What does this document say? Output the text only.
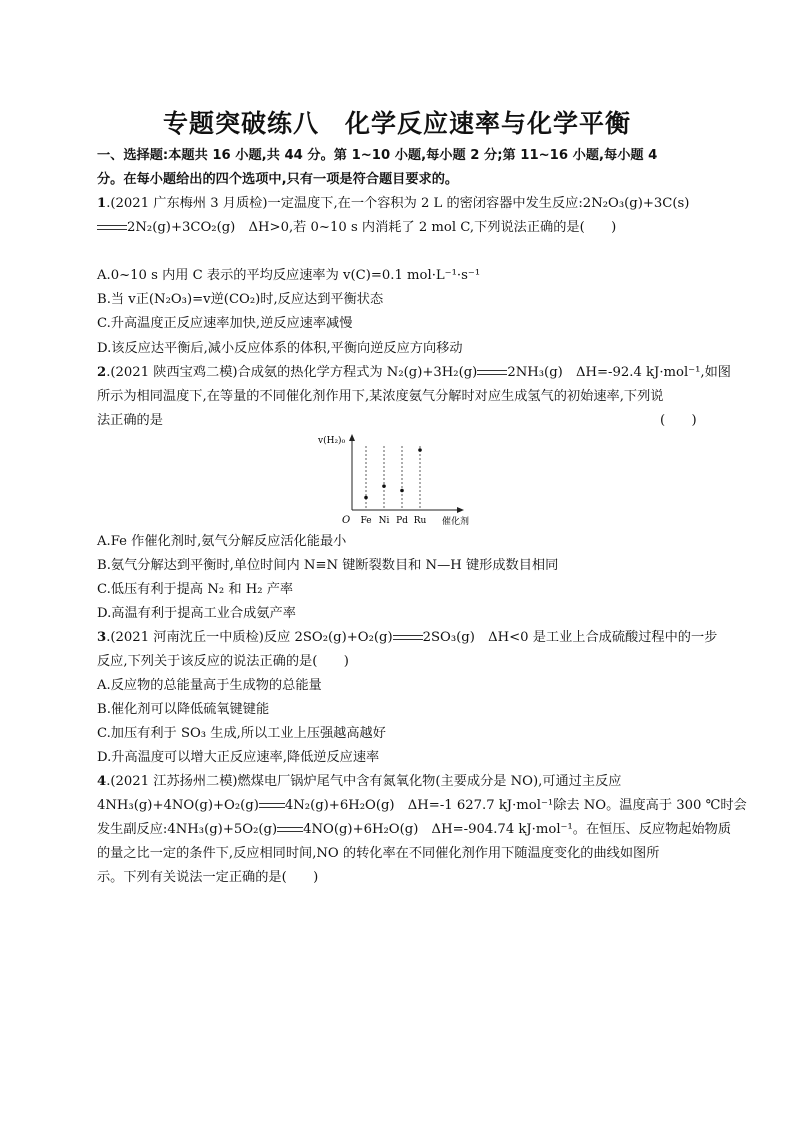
专题突破练八　化学反应速率与化学平衡
一、选择题:本题共 16 小题,共 44 分。第 1~10 小题,每小题 2 分;第 11~16 小题,每小题 4
分。在每小题给出的四个选项中,只有一项是符合题目要求的。
1.(2021 广东梅州 3 月质检)一定温度下,在一个容积为 2 L 的密闭容器中发生反应:2N₂O₃(g)+3C(s)
2N₂(g)+3CO₂(g)　ΔH>0,若 0~10 s 内消耗了 2 mol C,下列说法正确的是(　　)
A.0~10 s 内用 C 表示的平均反应速率为 v(C)=0.1 mol·L⁻¹·s⁻¹
B.当 v正(N₂O₃)=v逆(CO₂)时,反应达到平衡状态
C.升高温度正反应速率加快,逆反应速率减慢
D.该反应达平衡后,减小反应体系的体积,平衡向逆反应方向移动
2.(2021 陕西宝鸡二模)合成氨的热化学方程式为 N₂(g)+3H₂(g) 2NH₃(g)　ΔH=-92.4 kJ·mol⁻¹,如图
所示为相同温度下,在等量的不同催化剂作用下,某浓度氨气分解时对应生成氢气的初始速率,下列说
法正确的是	(　　)
v(H₂)₀
O	催化剂
Fe Ni Pd Ru
A.Fe 作催化剂时,氨气分解反应活化能最小
B.氨气分解达到平衡时,单位时间内 N≡N 键断裂数目和 N—H 键形成数目相同
C.低压有利于提高 N₂ 和 H₂ 产率
D.高温有利于提高工业合成氨产率
3.(2021 河南沈丘一中质检)反应 2SO₂(g)+O₂(g) 2SO₃(g)　ΔH<0 是工业上合成硫酸过程中的一步
反应,下列关于该反应的说法正确的是(　　)
A.反应物的总能量高于生成物的总能量
B.催化剂可以降低硫氧键键能
C.加压有利于 SO₃ 生成,所以工业上压强越高越好
D.升高温度可以增大正反应速率,降低逆反应速率
4.(2021 江苏扬州二模)燃煤电厂锅炉尾气中含有氮氧化物(主要成分是 NO),可通过主反应
4NH₃(g)+4NO(g)+O₂(g) 4N₂(g)+6H₂O(g)　ΔH=-1 627.7 kJ·mol⁻¹除去 NO。温度高于 300 ℃时会
发生副反应:4NH₃(g)+5O₂(g) 4NO(g)+6H₂O(g)　ΔH=-904.74 kJ·mol⁻¹。在恒压、反应物起始物质
的量之比一定的条件下,反应相同时间,NO 的转化率在不同催化剂作用下随温度变化的曲线如图所
示。下列有关说法一定正确的是(　　)
